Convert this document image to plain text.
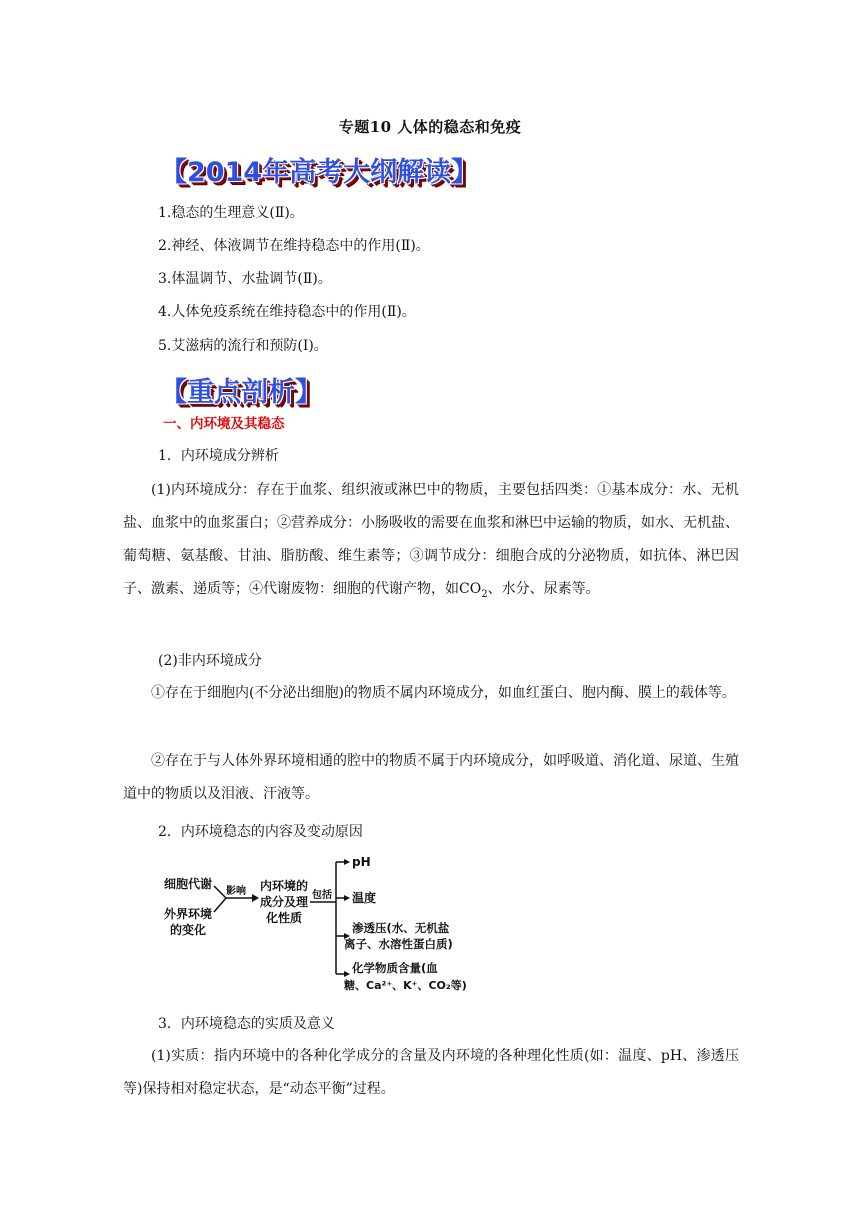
专题10 人体的稳态和免疫
【2014年高考大纲解读】
1.稳态的生理意义(Ⅱ)。
2.神经、体液调节在维持稳态中的作用(Ⅱ)。
3.体温调节、水盐调节(Ⅱ)。
4.人体免疫系统在维持稳态中的作用(Ⅱ)。
5.艾滋病的流行和预防(Ⅰ)。
【重点剖析】
一、内环境及其稳态
1．内环境成分辨析
(1)内环境成分：存在于血浆、组织液或淋巴中的物质，主要包括四类：①基本成分：水、无机盐、血浆中的血浆蛋白；②营养成分：小肠吸收的需要在血浆和淋巴中运输的物质，如水、无机盐、葡萄糖、氨基酸、甘油、脂肪酸、维生素等；③调节成分：细胞合成的分泌物质，如抗体、淋巴因子、激素、递质等；④代谢废物：细胞的代谢产物，如$CO_2$、水分、尿素等。
(2)非内环境成分
①存在于细胞内(不分泌出细胞)的物质不属内环境成分，如血红蛋白、胞内酶、膜上的载体等。
②存在于与人体外界环境相通的腔中的物质不属于内环境成分，如呼吸道、消化道、尿道、生殖道中的物质以及泪液、汗液等。
2．内环境稳态的内容及变动原因
细胞代谢
外界环境
的变化
影响 内环境的
成分及理
化性质
包括
pH
温度
渗透压(水、无机盐
离子、水溶性蛋白质)
化学物质含量(血
糖、Ca²⁺、K⁺、CO₂等)
3．内环境稳态的实质及意义
(1)实质：指内环境中的各种化学成分的含量及内环境的各种理化性质(如：温度、pH、渗透压等)保持相对稳定状态，是“动态平衡”过程。
